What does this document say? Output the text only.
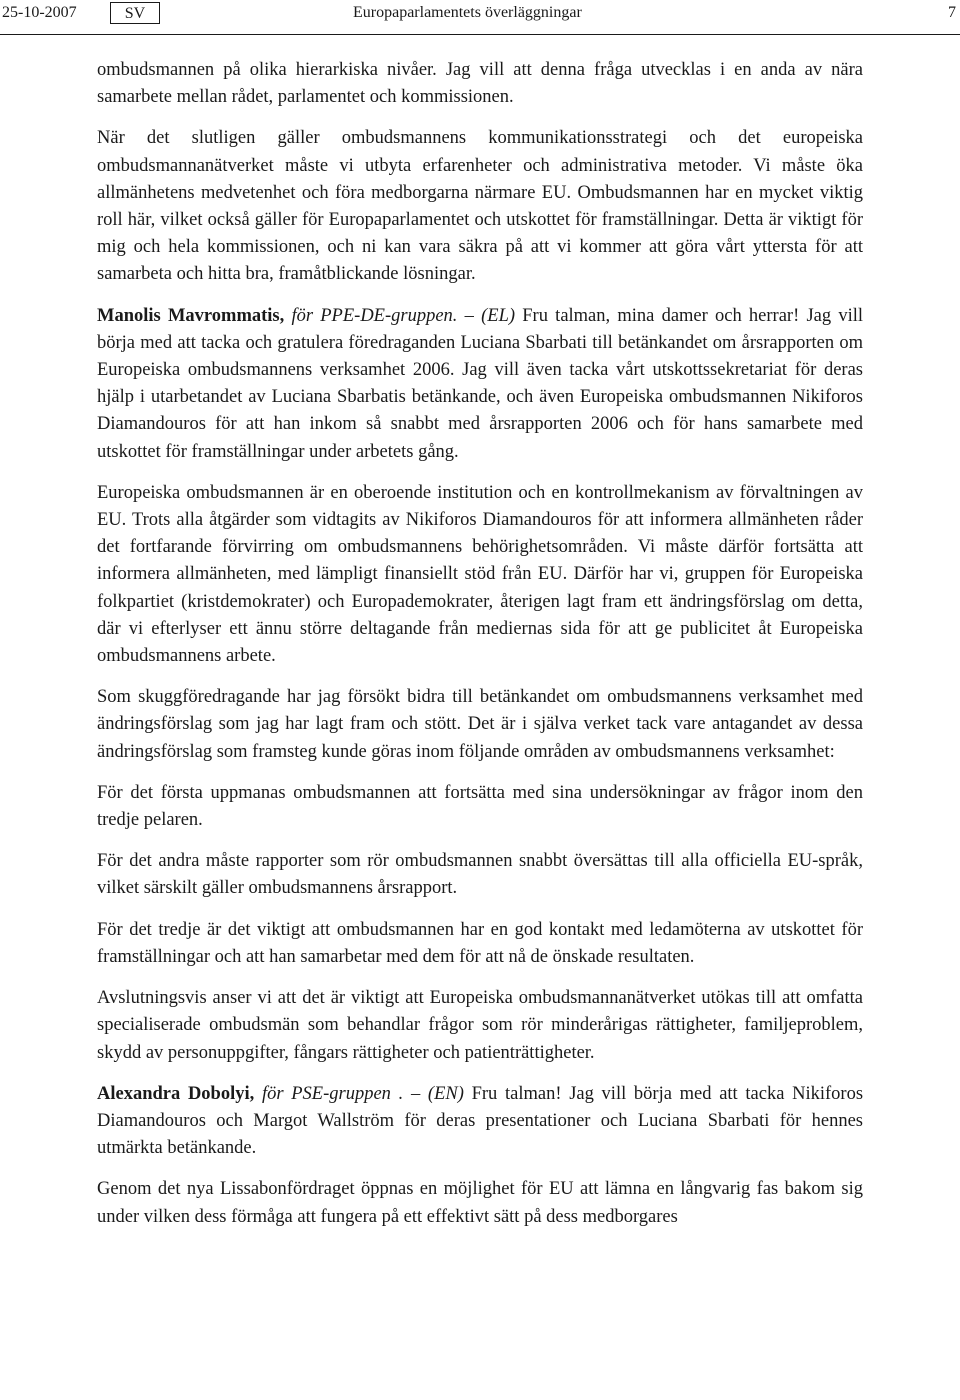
25-10-2007	SV	Europaparlamentets överläggningar	7

ombudsmannen på olika hierarkiska nivåer. Jag vill att denna fråga utvecklas i en anda av nära samarbete mellan rådet, parlamentet och kommissionen.

När det slutligen gäller ombudsmannens kommunikationsstrategi och det europeiska ombudsmannanätverket måste vi utbyta erfarenheter och administrativa metoder. Vi måste öka allmänhetens medvetenhet och föra medborgarna närmare EU. Ombudsmannen har en mycket viktig roll här, vilket också gäller för Europaparlamentet och utskottet för framställningar. Detta är viktigt för mig och hela kommissionen, och ni kan vara säkra på att vi kommer att göra vårt yttersta för att samarbeta och hitta bra, framåtblickande lösningar.

Manolis Mavrommatis, för PPE-DE-gruppen. – (EL) Fru talman, mina damer och herrar! Jag vill börja med att tacka och gratulera föredraganden Luciana Sbarbati till betänkandet om årsrapporten om Europeiska ombudsmannens verksamhet 2006. Jag vill även tacka vårt utskottssekretariat för deras hjälp i utarbetandet av Luciana Sbarbatis betänkande, och även Europeiska ombudsmannen Nikiforos Diamandouros för att han inkom så snabbt med årsrapporten 2006 och för hans samarbete med utskottet för framställningar under arbetets gång.

Europeiska ombudsmannen är en oberoende institution och en kontrollmekanism av förvaltningen av EU. Trots alla åtgärder som vidtagits av Nikiforos Diamandouros för att informera allmänheten råder det fortfarande förvirring om ombudsmannens behörighetsområden. Vi måste därför fortsätta att informera allmänheten, med lämpligt finansiellt stöd från EU. Därför har vi, gruppen för Europeiska folkpartiet (kristdemokrater) och Europademokrater, återigen lagt fram ett ändringsförslag om detta, där vi efterlyser ett ännu större deltagande från mediernas sida för att ge publicitet åt Europeiska ombudsmannens arbete.

Som skuggföredragande har jag försökt bidra till betänkandet om ombudsmannens verksamhet med ändringsförslag som jag har lagt fram och stött. Det är i själva verket tack vare antagandet av dessa ändringsförslag som framsteg kunde göras inom följande områden av ombudsmannens verksamhet:

För det första uppmanas ombudsmannen att fortsätta med sina undersökningar av frågor inom den tredje pelaren.

För det andra måste rapporter som rör ombudsmannen snabbt översättas till alla officiella EU-språk, vilket särskilt gäller ombudsmannens årsrapport.

För det tredje är det viktigt att ombudsmannen har en god kontakt med ledamöterna av utskottet för framställningar och att han samarbetar med dem för att nå de önskade resultaten.

Avslutningsvis anser vi att det är viktigt att Europeiska ombudsmannanätverket utökas till att omfatta specialiserade ombudsmän som behandlar frågor som rör minderårigas rättigheter, familjeproblem, skydd av personuppgifter, fångars rättigheter och patienträttigheter.

Alexandra Dobolyi, för PSE-gruppen . – (EN) Fru talman! Jag vill börja med att tacka Nikiforos Diamandouros och Margot Wallström för deras presentationer och Luciana Sbarbati för hennes utmärkta betänkande.

Genom det nya Lissabonfördraget öppnas en möjlighet för EU att lämna en långvarig fas bakom sig under vilken dess förmåga att fungera på ett effektivt sätt på dess medborgares
